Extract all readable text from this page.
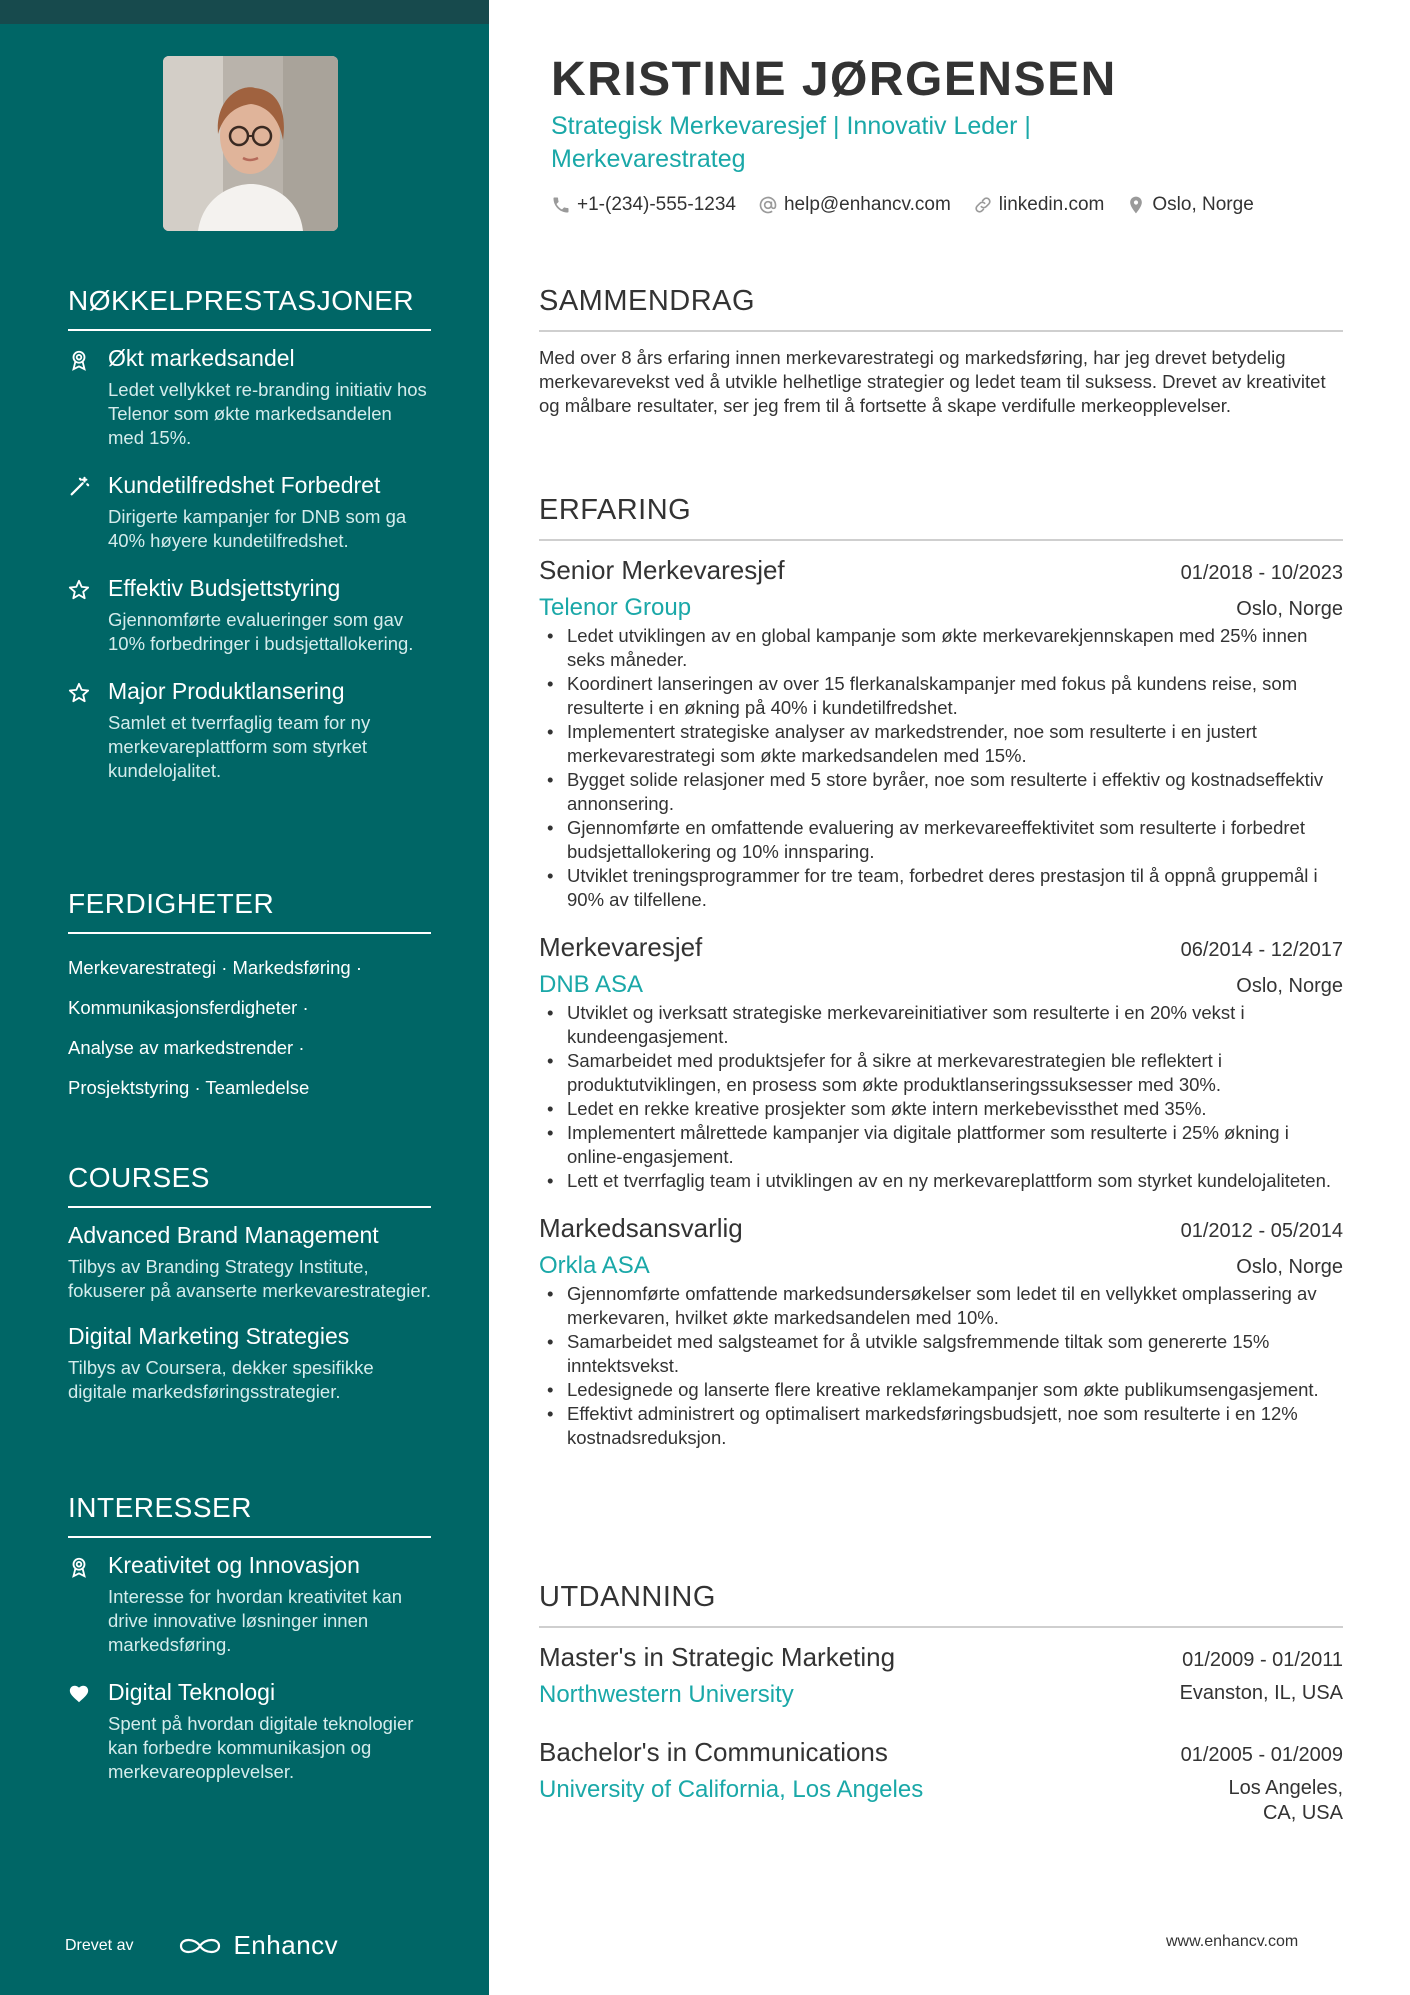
NØKKELPRESTASJONER
Økt markedsandel
Ledet vellykket re-branding initiativ hos Telenor som økte markedsandelen med 15%.
Kundetilfredshet Forbedret
Dirigerte kampanjer for DNB som ga 40% høyere kundetilfredshet.
Effektiv Budsjettstyring
Gjennomførte evalueringer som gav 10% forbedringer i budsjettallokering.
Major Produktlansering
Samlet et tverrfaglig team for ny merkevareplattform som styrket kundelojalitet.
FERDIGHETER
Merkevarestrategi · Markedsføring ·
Kommunikasjonsferdigheter ·
Analyse av markedstrender ·
Prosjektstyring · Teamledelse
COURSES
Advanced Brand Management
Tilbys av Branding Strategy Institute, fokuserer på avanserte merkevarestrategier.
Digital Marketing Strategies
Tilbys av Coursera, dekker spesifikke digitale markedsføringsstrategier.
INTERESSER
Kreativitet og Innovasjon
Interesse for hvordan kreativitet kan drive innovative løsninger innen markedsføring.
Digital Teknologi
Spent på hvordan digitale teknologier kan forbedre kommunikasjon og merkevareopplevelser.
Drevet av	Enhancv
KRISTINE JØRGENSEN
Strategisk Merkevaresjef | Innovativ Leder | Merkevarestrateg
+1-(234)-555-1234	help@enhancv.com	linkedin.com	Oslo, Norge
SAMMENDRAG
Med over 8 års erfaring innen merkevarestrategi og markedsføring, har jeg drevet betydelig merkevarevekst ved å utvikle helhetlige strategier og ledet team til suksess. Drevet av kreativitet og målbare resultater, ser jeg frem til å fortsette å skape verdifulle merkeopplevelser.
ERFARING
Senior Merkevaresjef	01/2018 - 10/2023
Telenor Group	Oslo, Norge
• Ledet utviklingen av en global kampanje som økte merkevarekjennskapen med 25% innen seks måneder.
• Koordinert lanseringen av over 15 flerkanalskampanjer med fokus på kundens reise, som resulterte i en økning på 40% i kundetilfredshet.
• Implementert strategiske analyser av markedstrender, noe som resulterte i en justert merkevarestrategi som økte markedsandelen med 15%.
• Bygget solide relasjoner med 5 store byråer, noe som resulterte i effektiv og kostnadseffektiv annonsering.
• Gjennomførte en omfattende evaluering av merkevareeffektivitet som resulterte i forbedret budsjettallokering og 10% innsparing.
• Utviklet treningsprogrammer for tre team, forbedret deres prestasjon til å oppnå gruppemål i 90% av tilfellene.
Merkevaresjef	06/2014 - 12/2017
DNB ASA	Oslo, Norge
• Utviklet og iverksatt strategiske merkevareinitiativer som resulterte i en 20% vekst i kundeengasjement.
• Samarbeidet med produktsjefer for å sikre at merkevarestrategien ble reflektert i produktutviklingen, en prosess som økte produktlanseringssuksesser med 30%.
• Ledet en rekke kreative prosjekter som økte intern merkebevissthet med 35%.
• Implementert målrettede kampanjer via digitale plattformer som resulterte i 25% økning i online-engasjement.
• Lett et tverrfaglig team i utviklingen av en ny merkevareplattform som styrket kundelojaliteten.
Markedsansvarlig	01/2012 - 05/2014
Orkla ASA	Oslo, Norge
• Gjennomførte omfattende markedsundersøkelser som ledet til en vellykket omplassering av merkevaren, hvilket økte markedsandelen med 10%.
• Samarbeidet med salgsteamet for å utvikle salgsfremmende tiltak som genererte 15% inntektsvekst.
• Ledesignede og lanserte flere kreative reklamekampanjer som økte publikumsengasjement.
• Effektivt administrert og optimalisert markedsføringsbudsjett, noe som resulterte i en 12% kostnadsreduksjon.
UTDANNING
Master's in Strategic Marketing	01/2009 - 01/2011
Northwestern University	Evanston, IL, USA
Bachelor's in Communications	01/2005 - 01/2009
University of California, Los Angeles	Los Angeles, CA, USA
www.enhancv.com
